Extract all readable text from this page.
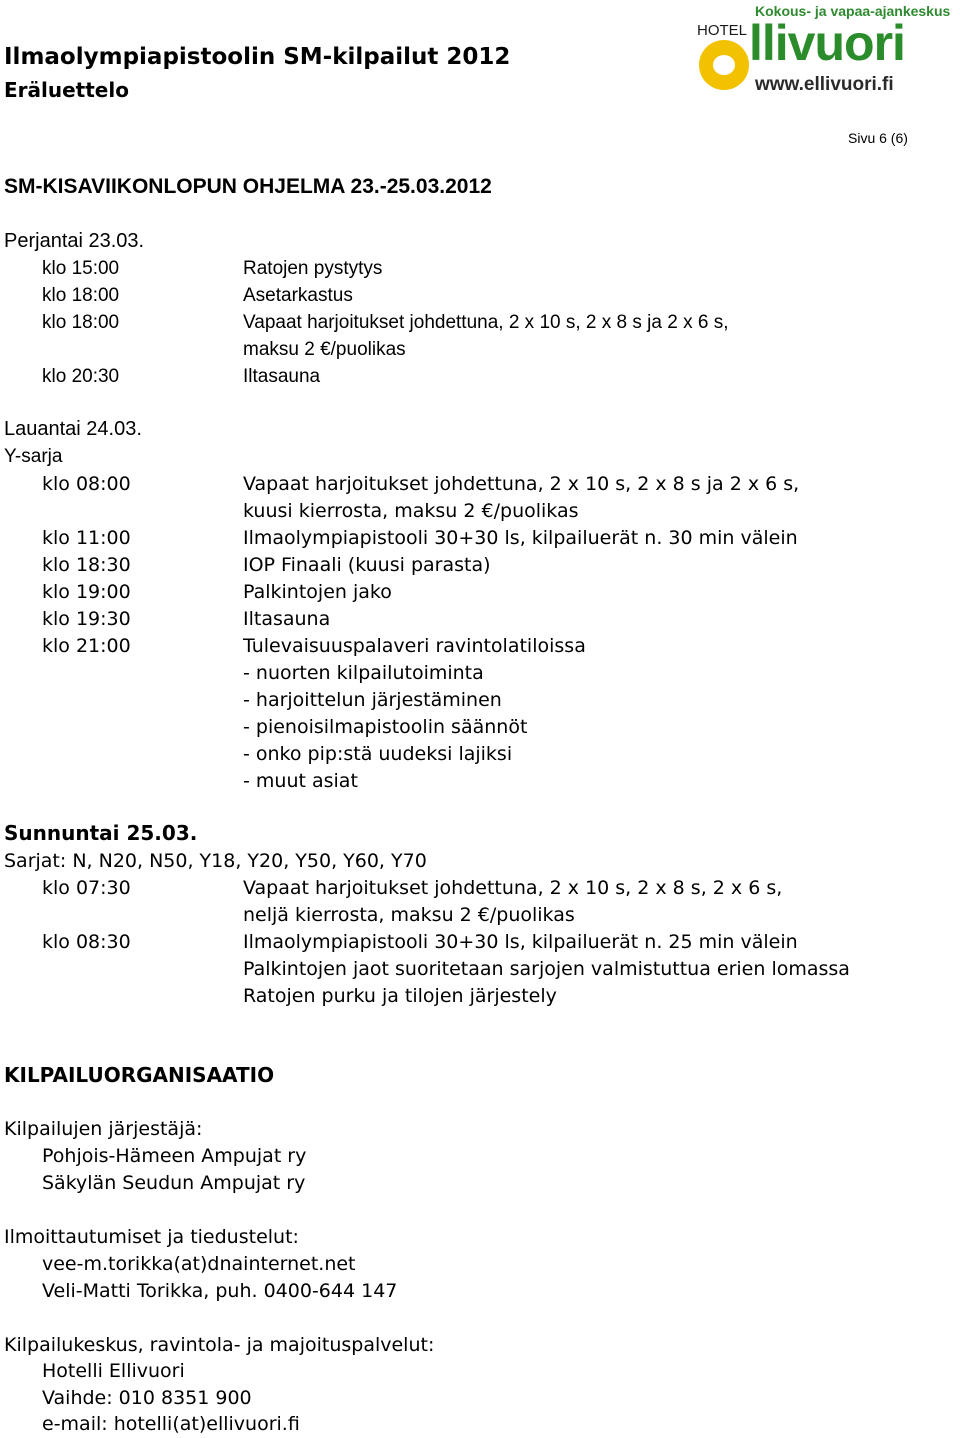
Ilmaolympiapistoolin SM-kilpailut 2012
Eräluettelo
Sivu 6 (6)
Kokous- ja vapaa-ajankeskus
HOTEL llivuori
www.ellivuori.fi
SM-KISAVIIKONLOPUN OHJELMA 23.-25.03.2012
Perjantai 23.03.
klo 15:00	Ratojen pystytys
klo 18:00	Asetarkastus
klo 18:00	Vapaat harjoitukset johdettuna, 2 x 10 s, 2 x 8 s ja 2 x 6 s,
maksu 2 €/puolikas
klo 20:30	Iltasauna
Lauantai 24.03.
Y-sarja
klo 08:00	Vapaat harjoitukset johdettuna, 2 x 10 s, 2 x 8 s ja 2 x 6 s,
kuusi kierrosta, maksu 2 €/puolikas
klo 11:00	Ilmaolympiapistooli 30+30 ls, kilpailuerät n. 30 min välein
klo 18:30	IOP Finaali (kuusi parasta)
klo 19:00	Palkintojen jako
klo 19:30	Iltasauna
klo 21:00	Tulevaisuuspalaveri ravintolatiloissa
- nuorten kilpailutoiminta
- harjoittelun järjestäminen
- pienoisilmapistoolin säännöt
- onko pip:stä uudeksi lajiksi
- muut asiat
Sunnuntai 25.03.
Sarjat: N, N20, N50, Y18, Y20, Y50, Y60, Y70
klo 07:30	Vapaat harjoitukset johdettuna, 2 x 10 s, 2 x 8 s, 2 x 6 s,
neljä kierrosta, maksu 2 €/puolikas
klo 08:30	Ilmaolympiapistooli 30+30 ls, kilpailuerät n. 25 min välein
Palkintojen jaot suoritetaan sarjojen valmistuttua erien lomassa
Ratojen purku ja tilojen järjestely
KILPAILUORGANISAATIO
Kilpailujen järjestäjä:
Pohjois-Hämeen Ampujat ry
Säkylän Seudun Ampujat ry
Ilmoittautumiset ja tiedustelut:
vee-m.torikka(at)dnainternet.net
Veli-Matti Torikka, puh. 0400-644 147
Kilpailukeskus, ravintola- ja majoituspalvelut:
Hotelli Ellivuori
Vaihde: 010 8351 900
e-mail: hotelli(at)ellivuori.fi
